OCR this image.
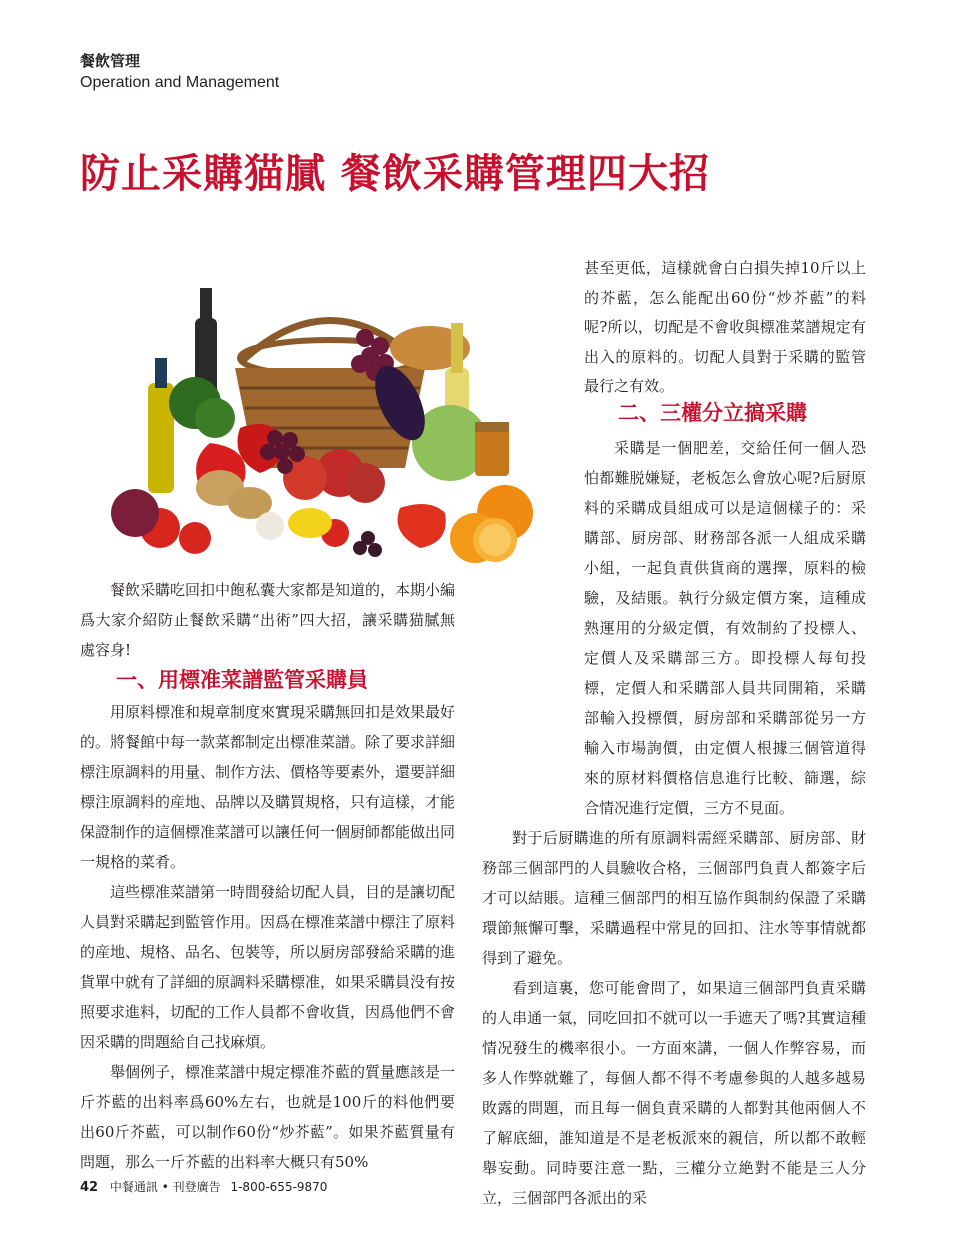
餐飲管理
Operation and Management
防止采購猫膩 餐飲采購管理四大招

甚至更低，這樣就會白白損失掉10斤以上的芥藍，怎么能配出60份“炒芥藍”的料呢?所以，切配是不會收與標准菜譜規定有出入的原料的。切配人員對于采購的監管最行之有效。

二、三權分立搞采購

餐飲采購吃回扣中飽私囊大家都是知道的，本期小編爲大家介紹防止餐飲采購“出術”四大招，讓采購猫膩無處容身!

用原料標准和規章制度來實現采購無回扣是效果最好的。將餐館中每一款菜都制定出標准菜譜。除了要求詳細標注原調料的用量、制作方法、價格等要素外，還要詳細標注原調料的産地、品牌以及購買規格，只有這樣，才能保證制作的這個標准菜譜可以讓任何一個厨師都能做出同一規格的菜肴。

這些標准菜譜第一時間發給切配人員，目的是讓切配人員對采購起到監管作用。因爲在標准菜譜中標注了原料的産地、規格、品名、包裝等，所以厨房部發給采購的進貨單中就有了詳細的原調料采購標准，如果采購員没有按照要求進料，切配的工作人員都不會收貨，因爲他們不會因采購的問題給自己找麻煩。

舉個例子，標准菜譜中規定標准芥藍的質量應該是一斤芥藍的出料率爲60%左右，也就是100斤的料他們要出60斤芥藍，可以制作60份“炒芥藍”。如果芥藍質量有問題，那么一斤芥藍的出料率大概只有50%

一、用標准菜譜監管采購員

采購是一個肥差，交給任何一個人恐怕都難脱嫌疑，老板怎么會放心呢?后厨原料的采購成員組成可以是這個樣子的：采購部、厨房部、財務部各派一人組成采購小組，一起負責供貨商的選擇，原料的檢驗，及結賬。執行分級定價方案，這種成熟運用的分級定價，有效制約了投標人、定價人及采購部三方。即投標人每旬投標，定價人和采購部人員共同開箱，采購部輸入投標價，厨房部和采購部從另一方輸入市場詢價，由定價人根據三個管道得來的原材料價格信息進行比較、篩選，綜合情况進行定價，三方不見面。

對于后厨購進的所有原調料需經采購部、厨房部、財務部三個部門的人員驗收合格，三個部門負責人都簽字后才可以結賬。這種三個部門的相互協作與制約保證了采購環節無懈可擊，采購過程中常見的回扣、注水等事情就都得到了避免。

看到這裏，您可能會問了，如果這三個部門負責采購的人串通一氣，同吃回扣不就可以一手遮天了嗎?其實這種情况發生的機率很小。一方面來講，一個人作弊容易，而多人作弊就難了，每個人都不得不考慮參與的人越多越易敗露的問題，而且每一個負責采購的人都對其他兩個人不了解底細，誰知道是不是老板派來的親信，所以都不敢輕舉妄動。同時要注意一點，三權分立絶對不能是三人分立，三個部門各派出的采

42 中餐通訊 • 刊登廣告 1-800-655-9870
